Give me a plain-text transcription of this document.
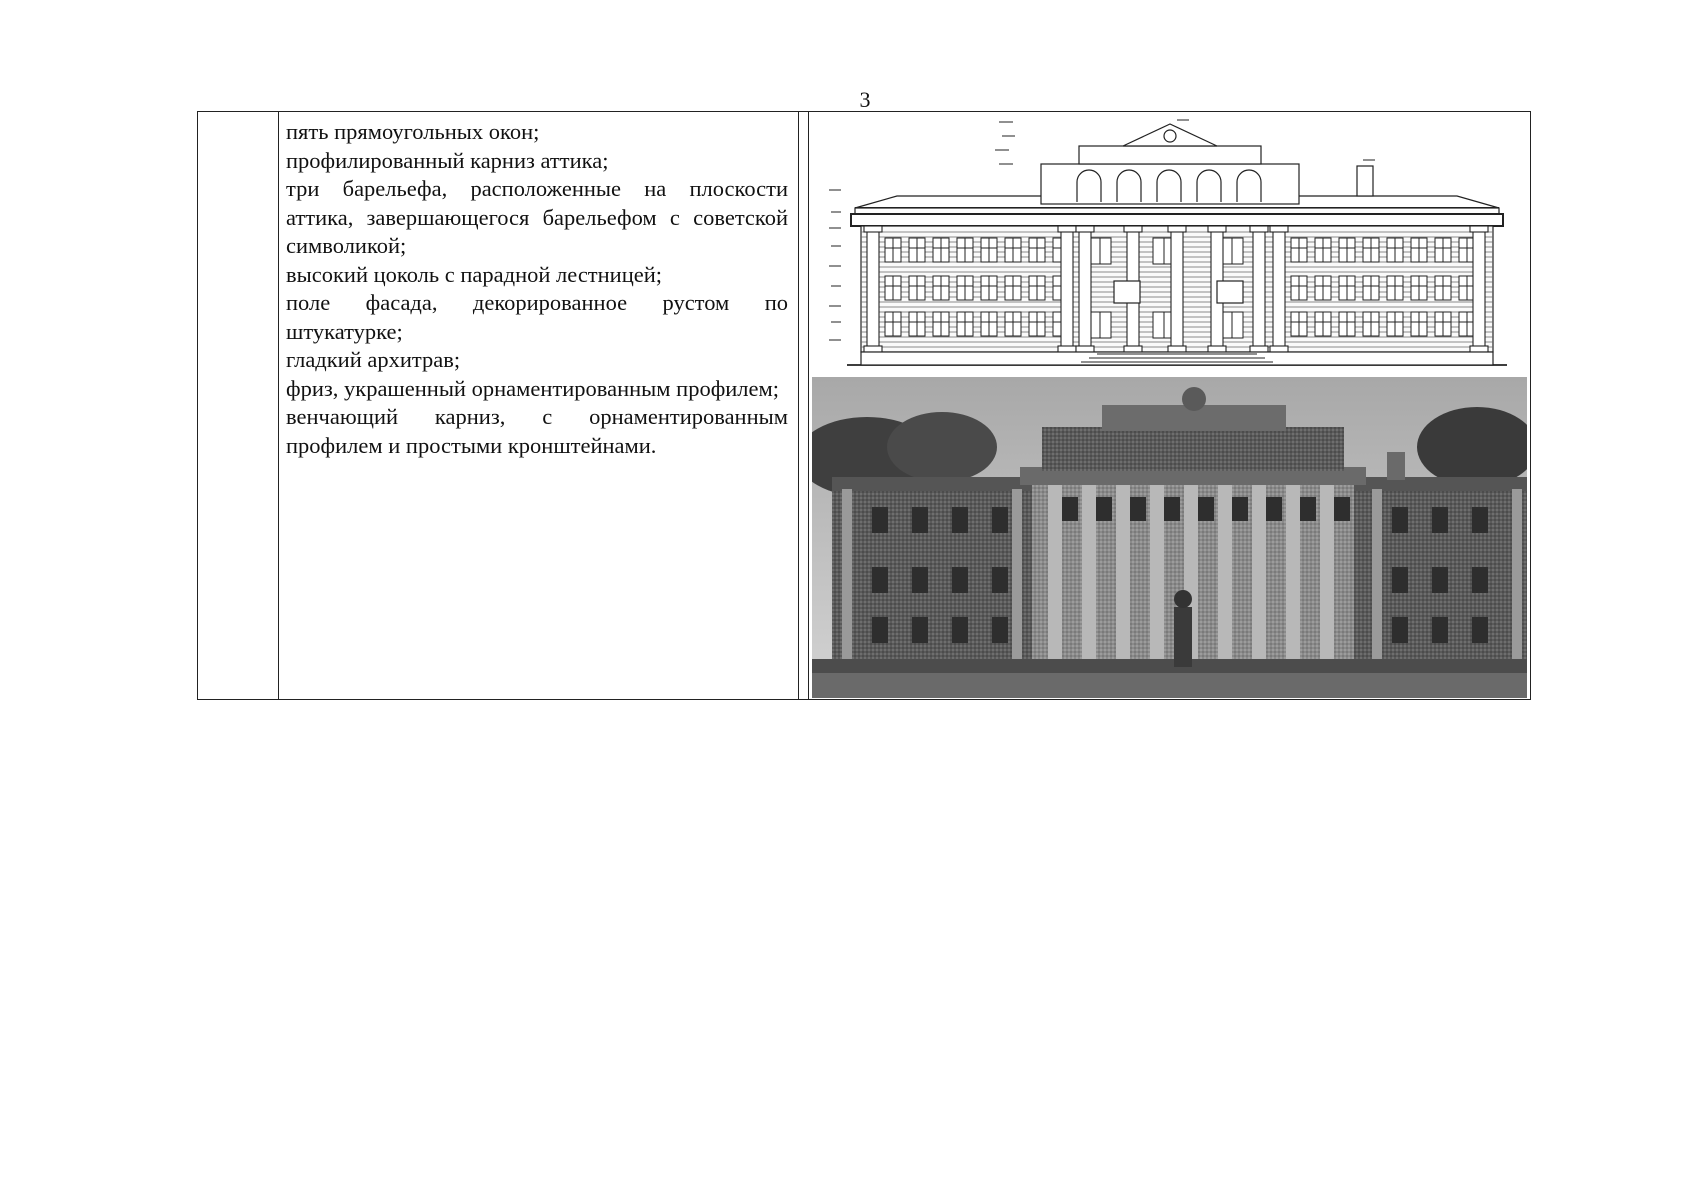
3
пять прямоугольных окон;
профилированный карниз аттика;
три барельефа, расположенные на плоскости аттика, завершающегося барельефом с советской символикой;
высокий цоколь с парадной лестницей;
поле фасада, декорированное рустом по штукатурке;
гладкий архитрав;
фриз, украшенный орнаментированным профилем;
венчающий карниз, с орнаментированным профилем и простыми кронштейнами.
